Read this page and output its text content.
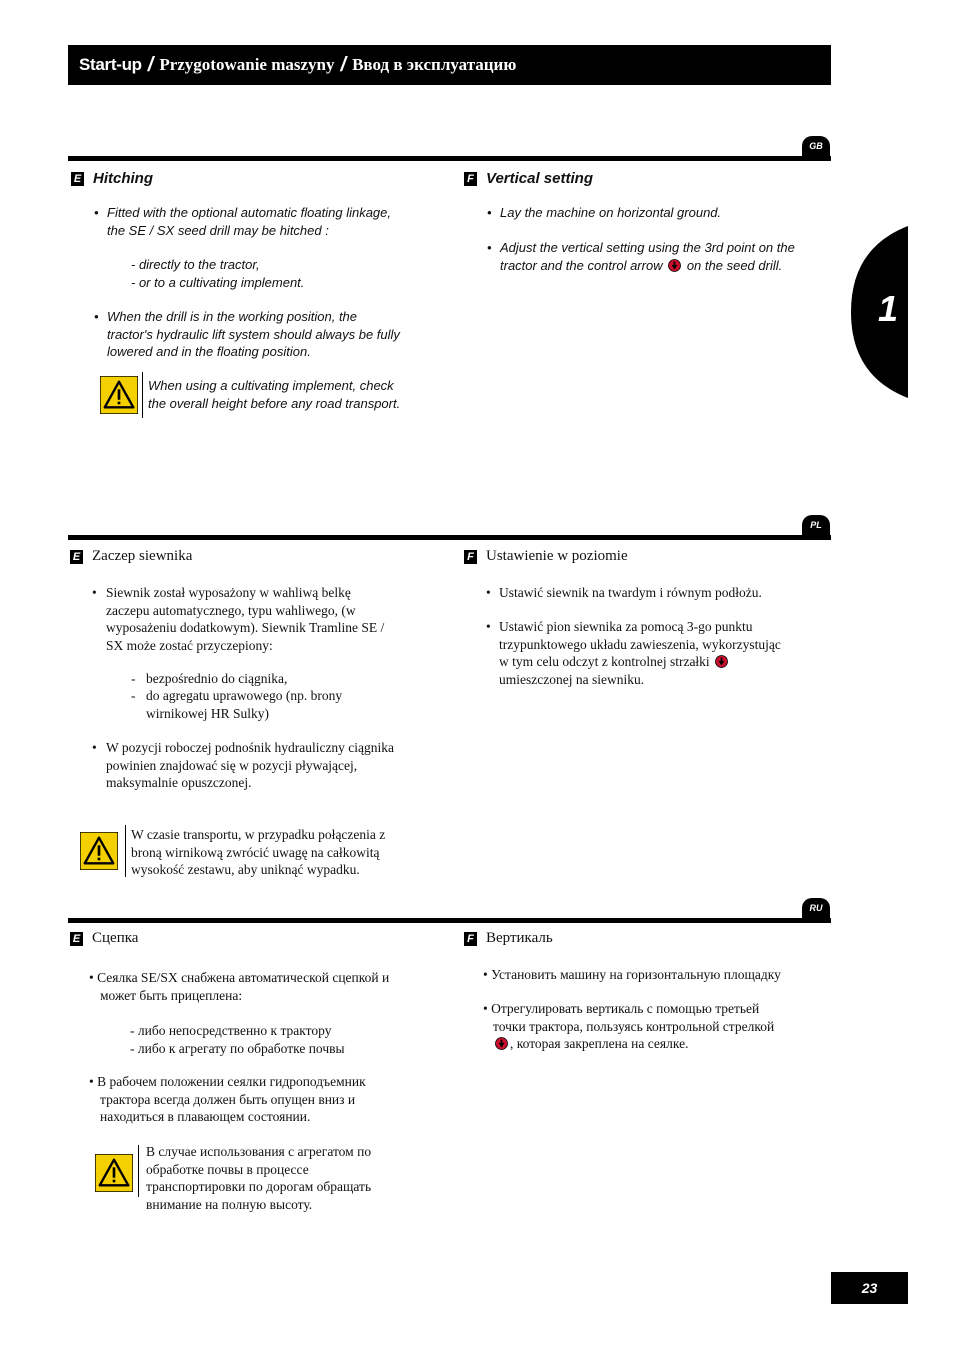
Start-up / Przygotowanie maszyny / Ввод в эксплуатацию
1
GB
E Hitching
• Fitted with the optional automatic floating linkage,
the SE / SX seed drill may be hitched :
- directly to the tractor,
- or to a cultivating implement.
• When the drill is in the working position, the
tractor's hydraulic lift system should always be fully
lowered and in the floating position.
When using a cultivating implement, check
the overall height before any road transport.
F Vertical setting
• Lay the machine on horizontal ground.
• Adjust the vertical setting using the 3rd point on the
tractor and the control arrow on the seed drill.
PL
E Zaczep siewnika
• Siewnik został wyposażony w wahliwą belkę
zaczepu automatycznego, typu wahliwego, (w
wyposażeniu dodatkowym). Siewnik Tramline SE /
SX może zostać przyczepiony:
- bezpośrednio do ciągnika,
- do agregatu uprawowego (np. brony
wirnikowej HR Sulky)
• W pozycji roboczej podnośnik hydrauliczny ciągnika
powinien znajdować się w pozycji pływającej,
maksymalnie opuszczonej.
W czasie transportu, w przypadku połączenia z
broną wirnikową zwrócić uwagę na całkowitą
wysokość zestawu, aby uniknąć wypadku.
F Ustawienie w poziomie
• Ustawić siewnik na twardym i równym podłożu.
• Ustawić pion siewnika za pomocą 3-go punktu
trzypunktowego układu zawieszenia, wykorzystując
w tym celu odczyt z kontrolnej strzałki
umieszczonej na siewniku.
RU
E Сцепка
• Сеялка SE/SX снабжена автоматической сцепкой и
может быть прицеплена:
- либо непосредственно к трактору
- либо к агрегату по обработке почвы
• В рабочем положении сеялки гидроподъемник
трактора всегда должен быть опущен вниз и
находиться в плавающем состоянии.
В случае использования с агрегатом по
обработке почвы в процессе
транспортировки по дорогам обращать
внимание на полную высоту.
F Вертикаль
• Установить машину на горизонтальную площадку
• Отрегулировать вертикаль с помощью третьей
точки трактора, пользуясь контрольной стрелкой
, которая закреплена на сеялке.
23
